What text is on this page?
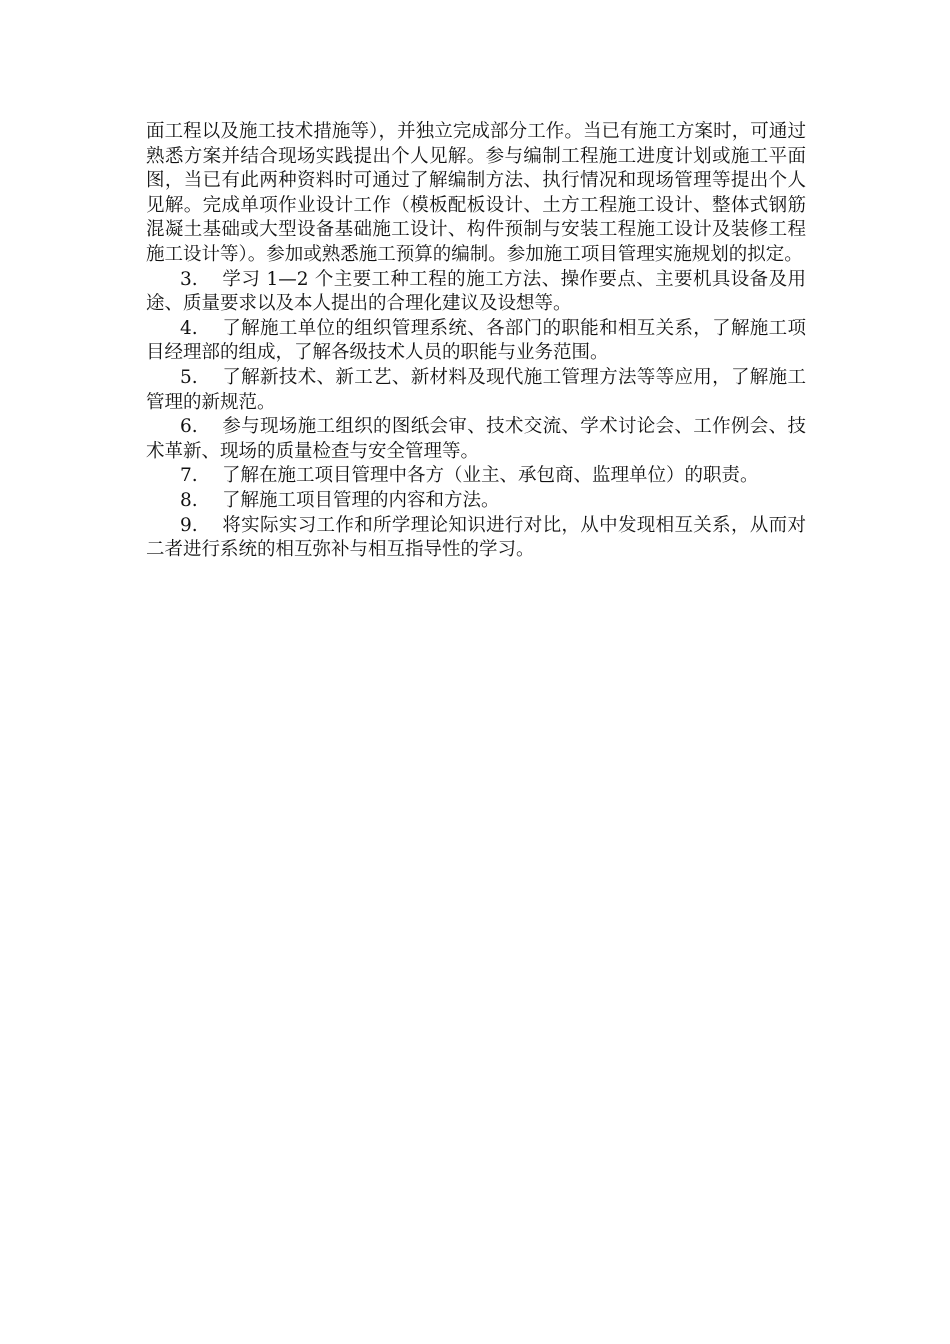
面工程以及施工技术措施等），并独立完成部分工作。当已有施工方案时，可通过熟悉方案并结合现场实践提出个人见解。参与编制工程施工进度计划或施工平面图，当已有此两种资料时可通过了解编制方法、执行情况和现场管理等提出个人见解。完成单项作业设计工作（模板配板设计、土方工程施工设计、整体式钢筋混凝土基础或大型设备基础施工设计、构件预制与安装工程施工设计及装修工程施工设计等）。参加或熟悉施工预算的编制。参加施工项目管理实施规划的拟定。

3. 学习 1—2 个主要工种工程的施工方法、操作要点、主要机具设备及用途、质量要求以及本人提出的合理化建议及设想等。

4. 了解施工单位的组织管理系统、各部门的职能和相互关系，了解施工项目经理部的组成，了解各级技术人员的职能与业务范围。

5. 了解新技术、新工艺、新材料及现代施工管理方法等等应用，了解施工管理的新规范。

6. 参与现场施工组织的图纸会审、技术交流、学术讨论会、工作例会、技术革新、现场的质量检查与安全管理等。

7. 了解在施工项目管理中各方（业主、承包商、监理单位）的职责。

8. 了解施工项目管理的内容和方法。

9. 将实际实习工作和所学理论知识进行对比，从中发现相互关系，从而对二者进行系统的相互弥补与相互指导性的学习。
